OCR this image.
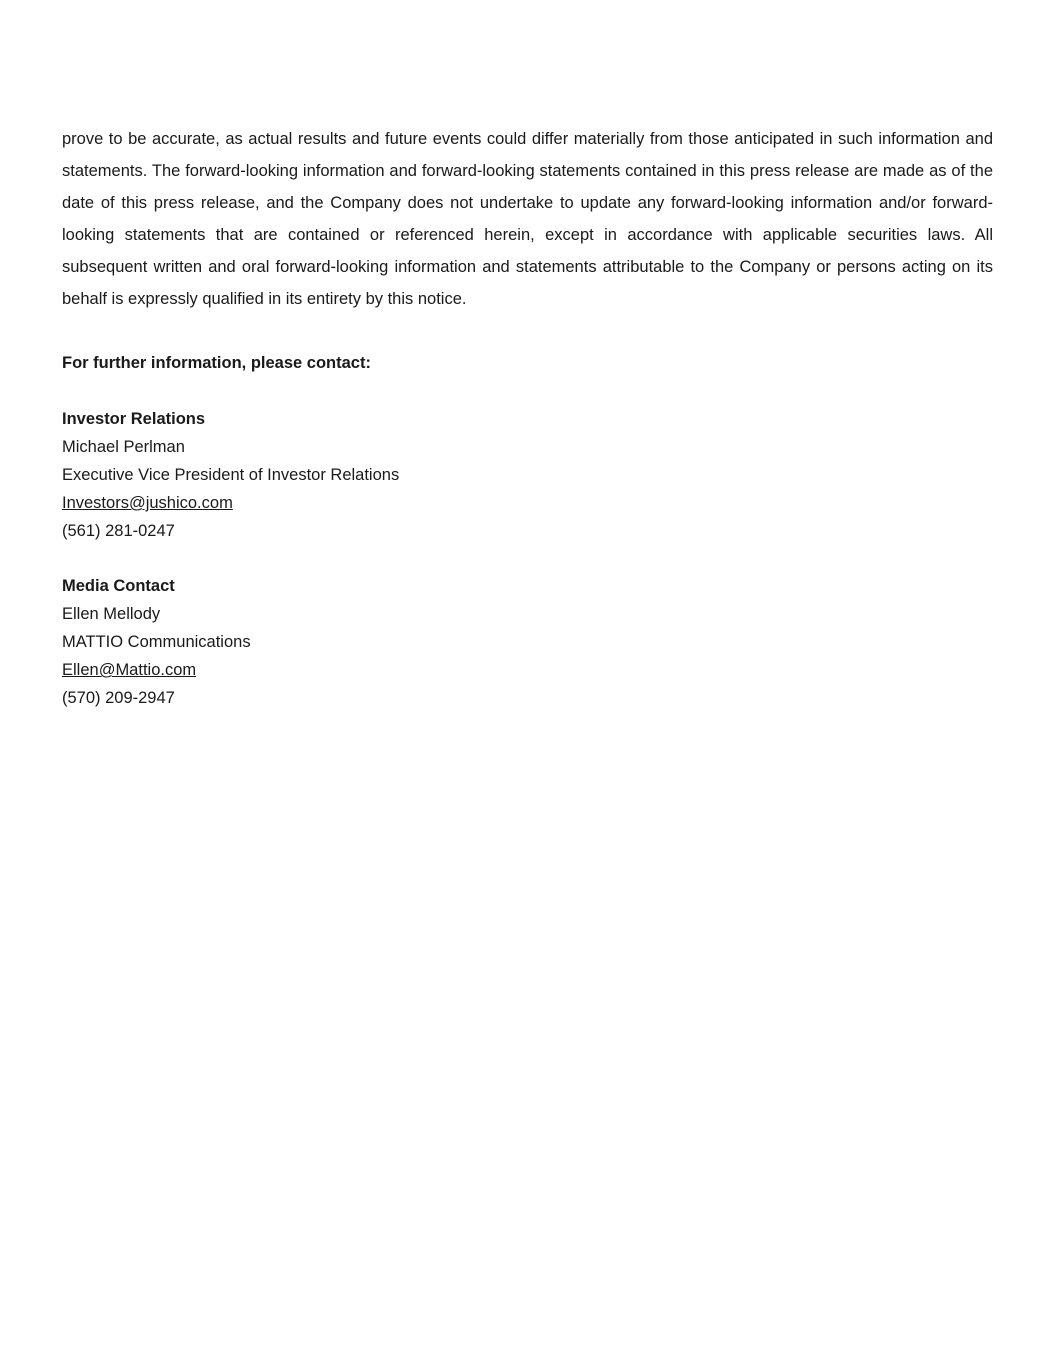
prove to be accurate, as actual results and future events could differ materially from those anticipated in such information and statements. The forward-looking information and forward-looking statements contained in this press release are made as of the date of this press release, and the Company does not undertake to update any forward-looking information and/or forward-looking statements that are contained or referenced herein, except in accordance with applicable securities laws. All subsequent written and oral forward-looking information and statements attributable to the Company or persons acting on its behalf is expressly qualified in its entirety by this notice.

For further information, please contact:
Investor Relations
Michael Perlman
Executive Vice President of Investor Relations
Investors@jushico.com
(561) 281-0247
Media Contact
Ellen Mellody
MATTIO Communications
Ellen@Mattio.com
(570) 209-2947
